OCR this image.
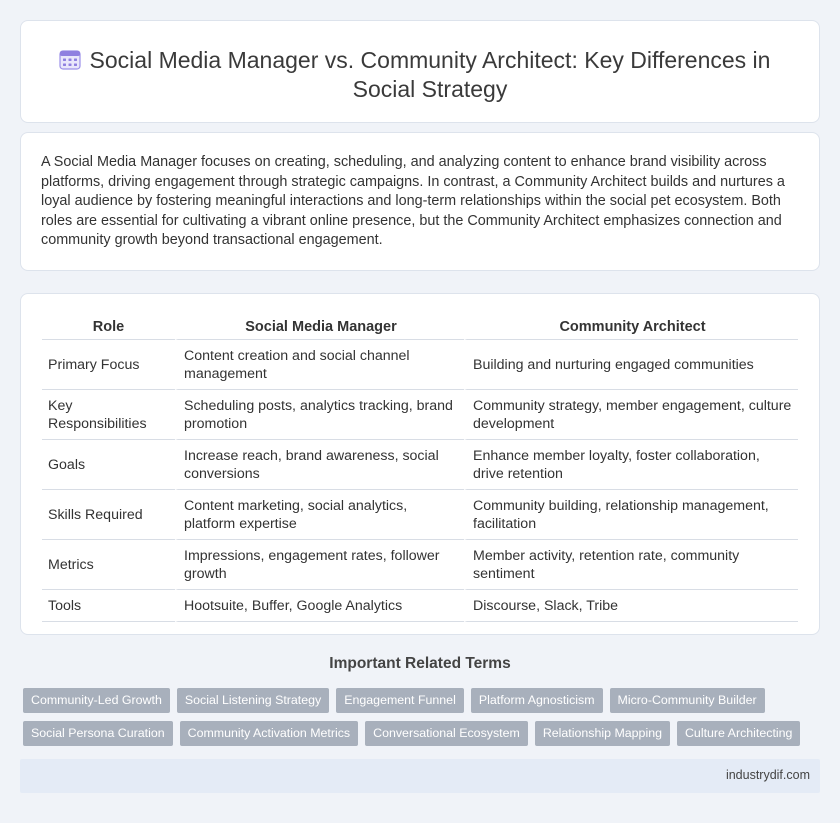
Social Media Manager vs. Community Architect: Key Differences in Social Strategy

A Social Media Manager focuses on creating, scheduling, and analyzing content to enhance brand visibility across platforms, driving engagement through strategic campaigns. In contrast, a Community Architect builds and nurtures a loyal audience by fostering meaningful interactions and long-term relationships within the social pet ecosystem. Both roles are essential for cultivating a vibrant online presence, but the Community Architect emphasizes connection and community growth beyond transactional engagement.

Role	Social Media Manager	Community Architect
Primary Focus	Content creation and social channel management	Building and nurturing engaged communities
Key Responsibilities	Scheduling posts, analytics tracking, brand promotion	Community strategy, member engagement, culture development
Goals	Increase reach, brand awareness, social conversions	Enhance member loyalty, foster collaboration, drive retention
Skills Required	Content marketing, social analytics, platform expertise	Community building, relationship management, facilitation
Metrics	Impressions, engagement rates, follower growth	Member activity, retention rate, community sentiment
Tools	Hootsuite, Buffer, Google Analytics	Discourse, Slack, Tribe
Important Related Terms
Community-Led Growth	Social Listening Strategy	Engagement Funnel	Platform Agnosticism	Micro-Community Builder
Social Persona Curation	Community Activation Metrics	Conversational Ecosystem	Relationship Mapping	Culture Architecting
industrydif.com
